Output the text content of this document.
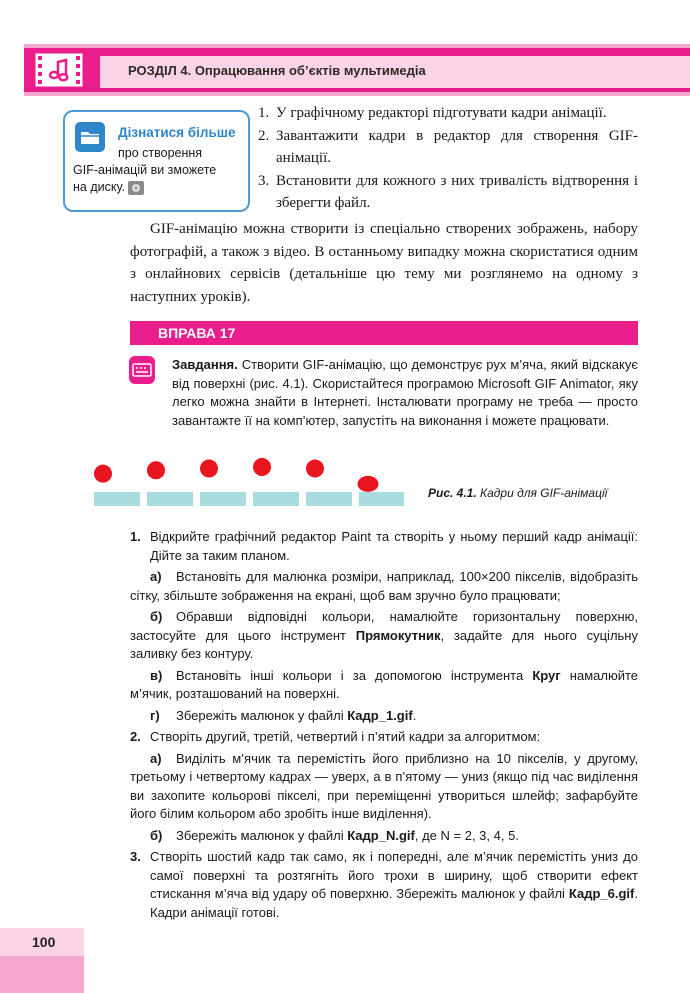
РОЗДІЛ 4. Опрацювання об’єктів мультимедіа
Дізнатися більше
про створення
GIF-анімацій ви зможете
на диску.
1. У графічному редакторі підготувати кадри анімації.
2. Завантажити кадри в редактор для створення GIF-анімації.
3. Встановити для кожного з них тривалість відтворення і зберегти файл.
GIF-анімацію можна створити із спеціально створених зображень, набору фотографій, а також з відео. В останньому випадку можна скористатися одним з онлайнових сервісів (детальніше цю тему ми розглянемо на одному з наступних уроків).
ВПРАВА 17
Завдання. Створити GIF-анімацію, що демонструє рух м’яча, який відскакує від поверхні (рис. 4.1). Скористайтеся програмою Microsoft GIF Animator, яку легко можна знайти в Інтернеті. Інсталювати програму не треба — просто завантажте її на комп’ютер, запустіть на виконання і можете працювати.
Рис. 4.1. Кадри для GIF-анімації
1. Відкрийте графічний редактор Paint та створіть у ньому перший кадр анімації: Дійте за таким планом.
а) Встановіть для малюнка розміри, наприклад, 100×200 пікселів, відобразіть сітку, збільште зображення на екрані, щоб вам зручно було працювати;
б) Обравши відповідні кольори, намалюйте горизонтальну поверхню, застосуйте для цього інструмент Прямокутник, задайте для нього суцільну заливку без контуру.
в) Встановіть інші кольори і за допомогою інструмента Круг намалюйте м’ячик, розташований на поверхні.
г) Збережіть малюнок у файлі Кадр_1.gif.
2. Створіть другий, третій, четвертий і п’ятий кадри за алгоритмом:
а) Виділіть м’ячик та перемістіть його приблизно на 10 пікселів, у другому, третьому і четвертому кадрах — уверх, а в п’ятому — униз (якщо під час виділення ви захопите кольорові пікселі, при переміщенні утвориться шлейф; зафарбуйте його білим кольором або зробіть інше виділення).
б) Збережіть малюнок у файлі Кадр_N.gif, де N = 2, 3, 4, 5.
3. Створіть шостий кадр так само, як і попередні, але м’ячик перемістіть униз до самої поверхні та розтягніть його трохи в ширину, щоб створити ефект стискання м’яча від удару об поверхню. Збережіть малюнок у файлі Кадр_6.gif. Кадри анімації готові.
100
